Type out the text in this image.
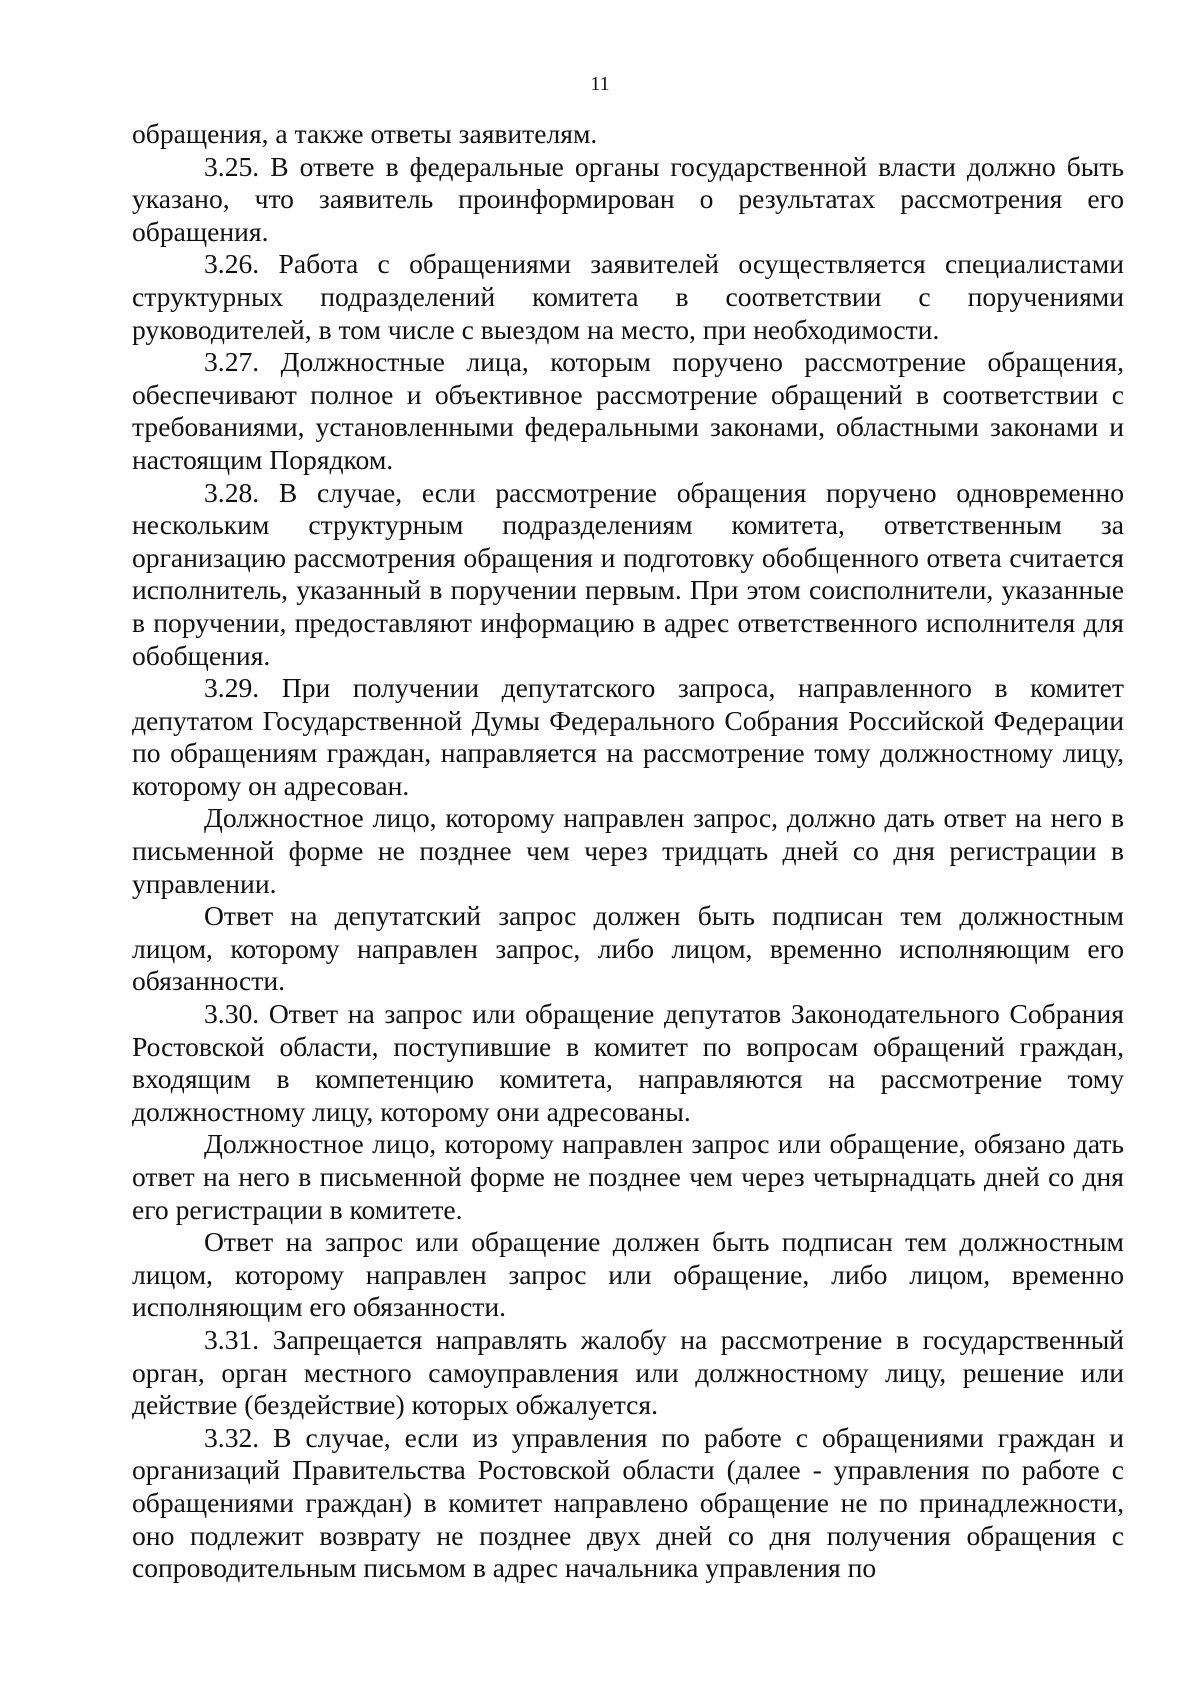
11

обращения, а также ответы заявителям.

3.25. В ответе в федеральные органы государственной власти должно быть указано, что заявитель проинформирован о результатах рассмотрения его обращения.

3.26. Работа с обращениями заявителей осуществляется специалистами структурных подразделений комитета в соответствии с поручениями руководителей, в том числе с выездом на место, при необходимости.

3.27. Должностные лица, которым поручено рассмотрение обращения, обеспечивают полное и объективное рассмотрение обращений в соответствии с требованиями, установленными федеральными законами, областными законами и настоящим Порядком.

3.28. В случае, если рассмотрение обращения поручено одновременно нескольким структурным подразделениям комитета, ответственным за организацию рассмотрения обращения и подготовку обобщенного ответа считается исполнитель, указанный в поручении первым. При этом соисполнители, указанные в поручении, предоставляют информацию в адрес ответственного исполнителя для обобщения.

3.29. При получении депутатского запроса, направленного в комитет депутатом Государственной Думы Федерального Собрания Российской Федерации по обращениям граждан, направляется на рассмотрение тому должностному лицу, которому он адресован.

Должностное лицо, которому направлен запрос, должно дать ответ на него в письменной форме не позднее чем через тридцать дней со дня регистрации в управлении.

Ответ на депутатский запрос должен быть подписан тем должностным лицом, которому направлен запрос, либо лицом, временно исполняющим его обязанности.

3.30. Ответ на запрос или обращение депутатов Законодательного Собрания Ростовской области, поступившие в комитет по вопросам обращений граждан, входящим в компетенцию комитета, направляются на рассмотрение тому должностному лицу, которому они адресованы.

Должностное лицо, которому направлен запрос или обращение, обязано дать ответ на него в письменной форме не позднее чем через четырнадцать дней со дня его регистрации в комитете.

Ответ на запрос или обращение должен быть подписан тем должностным лицом, которому направлен запрос или обращение, либо лицом, временно исполняющим его обязанности.

3.31. Запрещается направлять жалобу на рассмотрение в государственный орган, орган местного самоуправления или должностному лицу, решение или действие (бездействие) которых обжалуется.

3.32. В случае, если из управления по работе с обращениями граждан и организаций Правительства Ростовской области (далее - управления по работе с обращениями граждан) в комитет направлено обращение не по принадлежности, оно подлежит возврату не позднее двух дней со дня получения обращения с сопроводительным письмом в адрес начальника управления по
